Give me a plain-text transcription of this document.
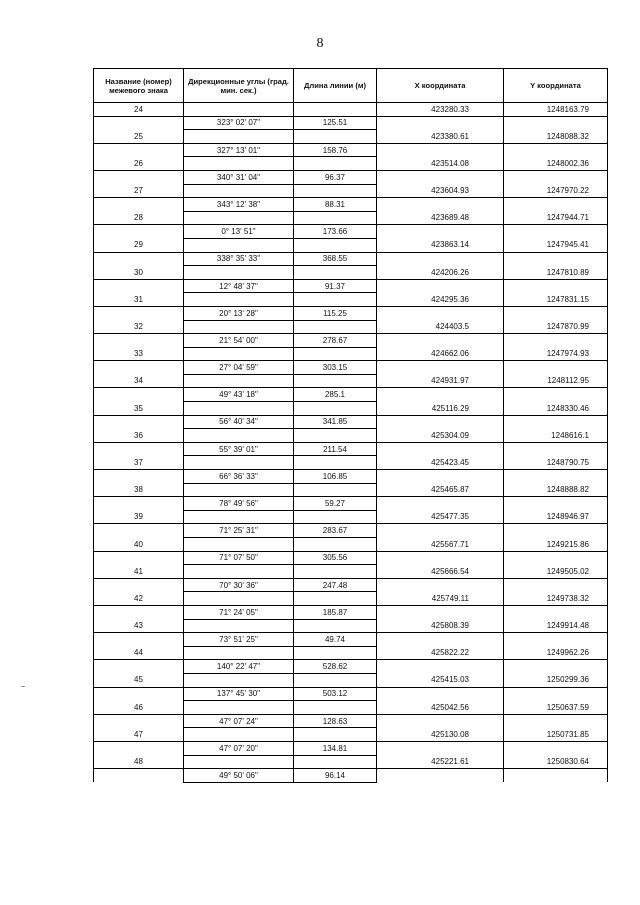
8
Название (номер) межевого знака	Дирекционные углы (град. мин. сек.)	Длина линии (м)	X координата	Y координата
24			423280.33	1248163.79
	323° 02' 07"	125.51		
25			423380.61	1248088.32
	327° 13' 01"	158.76		
26			423514.08	1248002.36
	340° 31' 04"	96.37		
27			423604.93	1247970.22
	343° 12' 38"	88.31		
28			423689.48	1247944.71
	0° 13' 51"	173.66		
29			423863.14	1247945.41
	338° 35' 33"	368.55		
30			424206.26	1247810.89
	12° 48' 37"	91.37		
31			424295.36	1247831.15
	20° 13' 28"	115.25		
32			424403.5	1247870.99
	21° 54' 00"	278.67		
33			424662.06	1247974.93
	27° 04' 59"	303.15		
34			424931.97	1248112.95
	49° 43' 18"	285.1		
35			425116.29	1248330.46
	56° 40' 34"	341.85		
36			425304.09	1248616.1
	55° 39' 01"	211.54		
37			425423.45	1248790.75
	66° 36' 33"	106.85		
38			425465.87	1248888.82
	78° 49' 56"	59.27		
39			425477.35	1248946.97
	71° 25' 31"	283.67		
40			425567.71	1249215.86
	71° 07' 50"	305.56		
41			425666.54	1249505.02
	70° 30' 36"	247.48		
42			425749.11	1249738.32
	71° 24' 05"	185.87		
43			425808.39	1249914.48
	73° 51' 25"	49.74		
44			425822.22	1249962.26
	140° 22' 47"	528.62		
45			425415.03	1250299.36
	137° 45' 30"	503.12		
46			425042.56	1250637.59
	47° 07' 24"	128.63		
47			425130.08	1250731.85
	47° 07' 20"	134.81		
48			425221.61	1250830.64
	49° 50' 06"	96.14		
